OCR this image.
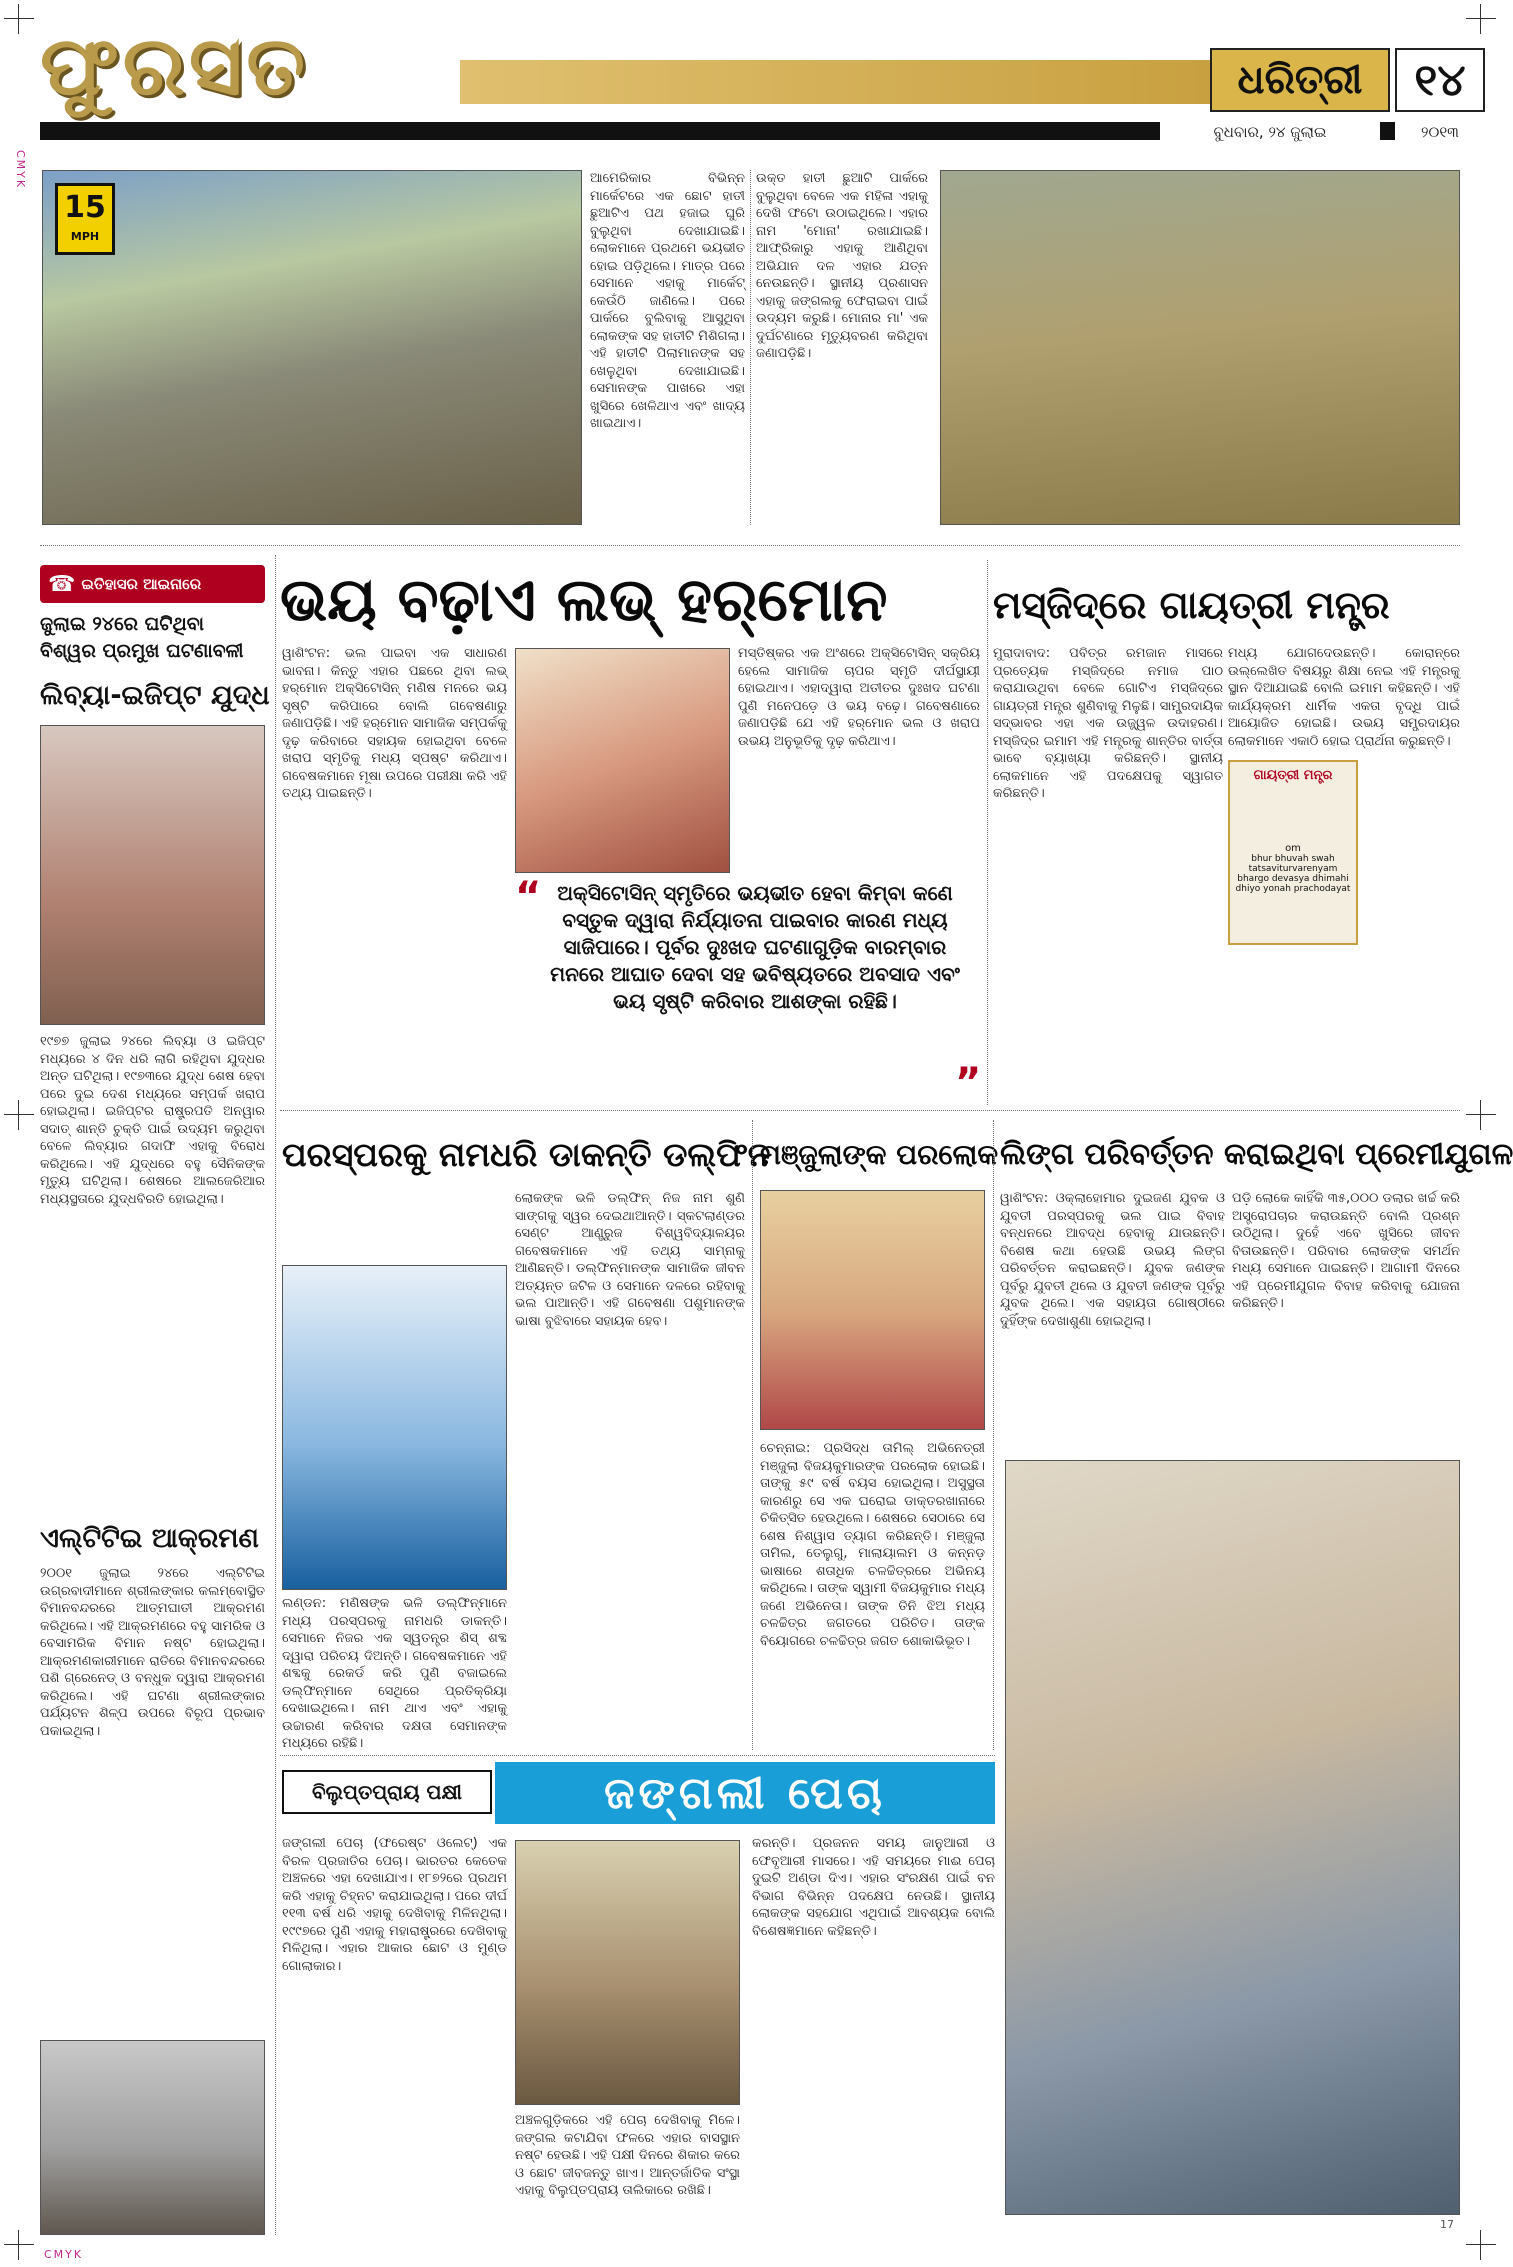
CMYK
ଫୁରସତ	ଧରିତ୍ରୀ ୧୪
ବୁଧବାର, ୨୪ ଜୁଲାଇ	୨୦୧୩
15
MPH
ଆମେରିକାର ବିଭିନ୍ନ ମାର୍କେଟରେ ଏକ ଛୋଟ ହାତୀ ଛୁଆଟିଏ ପଥ ହଜାଇ ଘୁରି ବୁଲୁଥିବା ଦେଖାଯାଇଛି। ଲୋକମାନେ ପ୍ରଥମେ ଭୟଭୀତ ହୋଇ ପଡ଼ିଥିଲେ। ମାତ୍ର ପରେ ସେମାନେ ଏହାକୁ ମାର୍କେଟ୍‌ କେଉଁଠି ଜାଣିଲେ। ପରେ ପାର୍କରେ ବୁଲିବାକୁ ଆସୁଥିବା ଲୋକଙ୍କ ସହ ହାତୀଟି ମିଶିଗଲା। ଏହି ହାତୀଟି ପିଲାମାନଙ୍କ ସହ ଖେଳୁଥିବା ଦେଖାଯାଇଛି। ସେମାନଙ୍କ ପାଖରେ ଏହା ଖୁସିରେ ଖେଳିଥାଏ ଏବଂ ଖାଦ୍ୟ ଖାଇଥାଏ।
ଉକ୍ତ ହାତୀ ଛୁଆଟି ପାର୍କରେ ବୁଲୁଥିବା ବେଳେ ଏକ ମହିଳା ଏହାକୁ ଦେଖି ଫଟୋ ଉଠାଇଥିଲେ। ଏହାର ନାମ 'ମୋନା' ରଖାଯାଇଛି। ଆଫ୍ରିକାରୁ ଏହାକୁ ଆଣିଥିବା ଅଭିଯାନ ଦଳ ଏହାର ଯତ୍ନ ନେଉଛନ୍ତି। ସ୍ଥାନୀୟ ପ୍ରଶାସନ ଏହାକୁ ଜଙ୍ଗଲକୁ ଫେରାଇବା ପାଇଁ ଉଦ୍ୟମ କରୁଛି। ମୋନାର ମା' ଏକ ଦୁର୍ଘଟଣାରେ ମୃତ୍ୟୁବରଣ କରିଥିବା ଜଣାପଡ଼ିଛି।
☎ ଇତିହାସର ଆଇନାରେ
ଜୁଲାଇ ୨୪ରେ ଘଟିଥିବା
ବିଶ୍ୱର ପ୍ରମୁଖ ଘଟଣାବଳୀ
ଲିବ୍ୟା-ଇଜିପ୍ଟ ଯୁଦ୍ଧ
୧୯୭୭ ଜୁଲାଇ ୨୪ରେ ଲିବ୍ୟା ଓ ଇଜିପ୍ଟ ମଧ୍ୟରେ ୪ ଦିନ ଧରି ଲାଗି ରହିଥିବା ଯୁଦ୍ଧର ଅନ୍ତ ଘଟିଥିଲା। ୧୯୭୩ରେ ଯୁଦ୍ଧ ଶେଷ ହେବା ପରେ ଦୁଇ ଦେଶ ମଧ୍ୟରେ ସମ୍ପର୍କ ଖରାପ ହୋଇଥିଲା। ଇଜିପ୍ଟର ରାଷ୍ଟ୍ରପତି ଅନୱାର ସଦାତ୍‌ ଶାନ୍ତି ଚୁକ୍ତି ପାଇଁ ଉଦ୍ୟମ କରୁଥିବା ବେଳେ ଲିବ୍ୟାର ଗଦାଫି ଏହାକୁ ବିରୋଧ କରିଥିଲେ। ଏହି ଯୁଦ୍ଧରେ ବହୁ ସୈନିକଙ୍କ ମୃତ୍ୟୁ ଘଟିଥିଲା। ଶେଷରେ ଆଲଜେରିଆର ମଧ୍ୟସ୍ଥତାରେ ଯୁଦ୍ଧବିରତି ହୋଇଥିଲା।
ଏଲ୍‌ଟିଟିଇ ଆକ୍ରମଣ
୨୦୦୧ ଜୁଲାଇ ୨୪ରେ ଏଲ୍‌ଟିଟିଇ ଉଗ୍ରବାଦୀମାନେ ଶ୍ରୀଲଙ୍କାର କଲମ୍ବୋସ୍ଥିତ ବିମାନବନ୍ଦରରେ ଆତ୍ମଘାତୀ ଆକ୍ରମଣ କରିଥିଲେ। ଏହି ଆକ୍ରମଣରେ ବହୁ ସାମରିକ ଓ ବେସାମରିକ ବିମାନ ନଷ୍ଟ ହୋଇଥିଲା। ଆକ୍ରମଣକାରୀମାନେ ରାତିରେ ବିମାନବନ୍ଦରରେ ପଶି ଗ୍ରେନେଡ୍‌ ଓ ବନ୍ଧୁକ ଦ୍ୱାରା ଆକ୍ରମଣ କରିଥିଲେ। ଏହି ଘଟଣା ଶ୍ରୀଲଙ୍କାର ପର୍ଯ୍ୟଟନ ଶିଳ୍ପ ଉପରେ ବିରୂପ ପ୍ରଭାବ ପକାଇଥିଲା।
ଭୟ ବଢ଼ାଏ ଲଭ୍‌ ହର୍‌ମୋନ
ୱାଶିଂଟନ: ଭଲ ପାଇବା ଏକ ସାଧାରଣ ଭାବନା। କିନ୍ତୁ ଏହାର ପଛରେ ଥିବା ଲଭ୍‌ ହର୍‌ମୋନ ଅକ୍ସିଟୋସିନ୍‌ ମଣିଷ ମନରେ ଭୟ ସୃଷ୍ଟି କରିପାରେ ବୋଲି ଗବେଷଣାରୁ ଜଣାପଡ଼ିଛି। ଏହି ହର୍‌ମୋନ ସାମାଜିକ ସମ୍ପର୍କକୁ ଦୃଢ଼ କରିବାରେ ସହାୟକ ହୋଇଥିବା ବେଳେ ଖରାପ ସ୍ମୃତିକୁ ମଧ୍ୟ ସ୍ପଷ୍ଟ କରିଥାଏ। ଗବେଷକମାନେ ମୂଷା ଉପରେ ପରୀକ୍ଷା କରି ଏହି ତଥ୍ୟ ପାଇଛନ୍ତି।
ମସ୍ତିଷ୍କର ଏକ ଅଂଶରେ ଅକ୍ସିଟୋସିନ୍‌ ସକ୍ରିୟ ହେଲେ ସାମାଜିକ ଚାପର ସ୍ମୃତି ଦୀର୍ଘସ୍ଥାୟୀ ହୋଇଥାଏ। ଏହାଦ୍ୱାରା ଅତୀତର ଦୁଃଖଦ ଘଟଣା ପୁଣି ମନେପଡ଼େ ଓ ଭୟ ବଢ଼େ। ଗବେଷଣାରେ ଜଣାପଡ଼ିଛି ଯେ ଏହି ହର୍‌ମୋନ ଭଲ ଓ ଖରାପ ଉଭୟ ଅନୁଭୂତିକୁ ଦୃଢ଼ କରିଥାଏ।
“ ଅକ୍ସିଟୋସିନ୍‌ ସ୍ମୃତିରେ ଭୟଭୀତ ହେବା କିମ୍ବା କଣେ ବସ୍ତୁକ ଦ୍ୱାରା ନିର୍ଯ୍ୟାତନା ପାଇବାର କାରଣ ମଧ୍ୟ ସାଜିପାରେ। ପୂର୍ବର ଦୁଃଖଦ ଘଟଣାଗୁଡ଼ିକ ବାରମ୍ବାର ମନରେ ଆଘାତ ଦେବା ସହ ଭବିଷ୍ୟତରେ ଅବସାଦ ଏବଂ ଭୟ ସୃଷ୍ଟି କରିବାର ଆଶଙ୍କା ରହିଛି।
”
ମସ୍‌ଜିଦ୍‌ରେ ଗାୟତ୍ରୀ ମନ୍ତ୍ର
ମୁରାଦାବାଦ: ପବିତ୍ର ରମଜାନ ମାସରେ ପ୍ରତ୍ୟେକ ମସ୍‌ଜିଦ୍‌ରେ ନମାଜ ପାଠ କରାଯାଉଥିବା ବେଳେ ଗୋଟିଏ ମସ୍‌ଜିଦ୍‌ରେ ଗାୟତ୍ରୀ ମନ୍ତ୍ର ଶୁଣିବାକୁ ମିଳୁଛି। ସାମ୍ପ୍ରଦାୟିକ ସଦ୍‌ଭାବର ଏହା ଏକ ଉଜ୍ଜ୍ୱଳ ଉଦାହରଣ। ମସ୍‌ଜିଦ୍‌ର ଇମାମ ଏହି ମନ୍ତ୍ରକୁ ଶାନ୍ତିର ବାର୍ତ୍ତା ଭାବେ ବ୍ୟାଖ୍ୟା କରିଛନ୍ତି। ସ୍ଥାନୀୟ ଲୋକମାନେ ଏହି ପଦକ୍ଷେପକୁ ସ୍ୱାଗତ କରିଛନ୍ତି।
ଗାୟତ୍ରୀ ମନ୍ତ୍ର
om
bhur bhuvah swah
tatsaviturvarenyam
bhargo devasya dhimahi
dhiyo yonah prachodayat
ମଧ୍ୟ ଯୋଗଦେଉଛନ୍ତି। କୋରାନ୍‌ରେ ଉଲ୍ଲେଖିତ ବିଷୟରୁ ଶିକ୍ଷା ନେଇ ଏହି ମନ୍ତ୍ରକୁ ସ୍ଥାନ ଦିଆଯାଇଛି ବୋଲି ଇମାମ କହିଛନ୍ତି। ଏହି କାର୍ଯ୍ୟକ୍ରମ ଧାର୍ମିକ ଏକତା ବୃଦ୍ଧି ପାଇଁ ଆୟୋଜିତ ହୋଇଛି। ଉଭୟ ସମ୍ପ୍ରଦାୟର ଲୋକମାନେ ଏକାଠି ହୋଇ ପ୍ରାର୍ଥନା କରୁଛନ୍ତି।
ପରସ୍ପରକୁ ନାମଧରି ଡାକନ୍ତି ଡଲ୍‌ଫିନ
ଲଣ୍ଡନ: ମଣିଷଙ୍କ ଭଳି ଡଲ୍‌ଫିନ୍‌ମାନେ ମଧ୍ୟ ପରସ୍ପରକୁ ନାମଧରି ଡାକନ୍ତି। ସେମାନେ ନିଜର ଏକ ସ୍ୱତନ୍ତ୍ର ଶିସ୍‌ ଶବ୍ଦ ଦ୍ୱାରା ପରିଚୟ ଦିଅନ୍ତି। ଗବେଷକମାନେ ଏହି ଶବ୍ଦକୁ ରେକର୍ଡ କରି ପୁଣି ବଜାଇଲେ ଡଲ୍‌ଫିନ୍‌ମାନେ ସେଥିରେ ପ୍ରତିକ୍ରିୟା ଦେଖାଇଥିଲେ। ନାମ ଥାଏ ଏବଂ ଏହାକୁ ଉଚ୍ଚାରଣ କରିବାର ଦକ୍ଷତା ସେମାନଙ୍କ ମଧ୍ୟରେ ରହିଛି।
ଲୋକଙ୍କ ଭଳି ଡଲ୍‌ଫିନ୍‌ ନିଜ ନାମ ଶୁଣି ସାଙ୍ଗକୁ ସ୍ୱର ଦେଇଥାଆନ୍ତି। ସ୍କଟଲାଣ୍ଡର ସେଣ୍ଟ ଆଣ୍ଡ୍ରୁଜ ବିଶ୍ୱବିଦ୍ୟାଳୟର ଗବେଷକମାନେ ଏହି ତଥ୍ୟ ସାମ୍ନାକୁ ଆଣିଛନ୍ତି। ଡଲ୍‌ଫିନ୍‌ମାନଙ୍କ ସାମାଜିକ ଜୀବନ ଅତ୍ୟନ୍ତ ଜଟିଳ ଓ ସେମାନେ ଦଳରେ ରହିବାକୁ ଭଲ ପାଆନ୍ତି। ଏହି ଗବେଷଣା ପଶୁମାନଙ୍କ ଭାଷା ବୁଝିବାରେ ସହାୟକ ହେବ।
ମଞ୍ଜୁଲାଙ୍କ ପରଲୋକ
ଚେନ୍ନାଇ: ପ୍ରସିଦ୍ଧ ତାମିଲ୍‌ ଅଭିନେତ୍ରୀ ମଞ୍ଜୁଲା ବିଜୟକୁମାରଙ୍କ ପରଲୋକ ହୋଇଛି। ତାଙ୍କୁ ୫୯ ବର୍ଷ ବୟସ ହୋଇଥିଲା। ଅସୁସ୍ଥତା କାରଣରୁ ସେ ଏକ ଘରୋଇ ଡାକ୍ତରଖାନାରେ ଚିକିତ୍ସିତ ହେଉଥିଲେ। ଶେଷରେ ସେଠାରେ ସେ ଶେଷ ନିଶ୍ୱାସ ତ୍ୟାଗ କରିଛନ୍ତି। ମଞ୍ଜୁଲା ତାମିଲ, ତେଲୁଗୁ, ମାଲାୟାଲମ ଓ କନ୍ନଡ଼ ଭାଷାରେ ଶତାଧିକ ଚଳଚ୍ଚିତ୍ରରେ ଅଭିନୟ କରିଥିଲେ। ତାଙ୍କ ସ୍ୱାମୀ ବିଜୟକୁମାର ମଧ୍ୟ ଜଣେ ଅଭିନେତା। ତାଙ୍କ ତିନି ଝିଅ ମଧ୍ୟ ଚଳଚ୍ଚିତ୍ର ଜଗତରେ ପରିଚିତ। ତାଙ୍କ ବିୟୋଗରେ ଚଳଚ୍ଚିତ୍ର ଜଗତ ଶୋକାଭିଭୂତ।
ଲିଙ୍ଗ ପରିବର୍ତ୍ତନ କରାଇଥିବା ପ୍ରେମୀଯୁଗଳ
ୱାଶିଂଟନ: ଓକ୍‌ଲାହୋମାର ଦୁଇଜଣ ଯୁବକ ଓ ଯୁବତୀ ପରସ୍ପରକୁ ଭଲ ପାଇ ବିବାହ ବନ୍ଧନରେ ଆବଦ୍ଧ ହେବାକୁ ଯାଉଛନ୍ତି। ବିଶେଷ କଥା ହେଉଛି ଉଭୟ ଲିଙ୍ଗ ପରିବର୍ତ୍ତନ କରାଇଛନ୍ତି। ଯୁବକ ଜଣଙ୍କ ପୂର୍ବରୁ ଯୁବତୀ ଥିଲେ ଓ ଯୁବତୀ ଜଣଙ୍କ ପୂର୍ବରୁ ଯୁବକ ଥିଲେ। ଏକ ସହାୟତା ଗୋଷ୍ଠୀରେ ଦୁହିଁଙ୍କ ଦେଖାଶୁଣା ହୋଇଥିଲା।
ପଡ଼ି ଲୋକେ କାହିଁକି ୩୫,୦୦୦ ଡଲାର ଖର୍ଚ୍ଚ କରି ଅସ୍ତ୍ରୋପଚାର କରାଉଛନ୍ତି ବୋଲି ପ୍ରଶ୍ନ ଉଠିଥିଲା। ଦୁହେଁ ଏବେ ଖୁସିରେ ଜୀବନ ବିତାଉଛନ୍ତି। ପରିବାର ଲୋକଙ୍କ ସମର୍ଥନ ମଧ୍ୟ ସେମାନେ ପାଇଛନ୍ତି। ଆଗାମୀ ଦିନରେ ଏହି ପ୍ରେମୀଯୁଗଳ ବିବାହ କରିବାକୁ ଯୋଜନା କରିଛନ୍ତି।
ବିଲୁପ୍ତପ୍ରାୟ ପକ୍ଷୀ	ଜଙ୍ଗଲୀ ପେଚା
ଜଙ୍ଗଲୀ ପେଚା (ଫରେଷ୍ଟ ଓଲେଟ୍‌) ଏକ ବିରଳ ପ୍ରଜାତିର ପେଚା। ଭାରତର କେତେକ ଅଞ୍ଚଳରେ ଏହା ଦେଖାଯାଏ। ୧୮୭୨ରେ ପ୍ରଥମ କରି ଏହାକୁ ଚିହ୍ନଟ କରାଯାଇଥିଲା। ପରେ ଦୀର୍ଘ ୧୧୩ ବର୍ଷ ଧରି ଏହାକୁ ଦେଖିବାକୁ ମିଳିନଥିଲା। ୧୯୯୭ରେ ପୁଣି ଏହାକୁ ମହାରାଷ୍ଟ୍ରରେ ଦେଖିବାକୁ ମିଳିଥିଲା। ଏହାର ଆକାର ଛୋଟ ଓ ମୁଣ୍ଡ ଗୋଲାକାର।
ଅଞ୍ଚଳଗୁଡ଼ିକରେ ଏହି ପେଚା ଦେଖିବାକୁ ମିଳେ। ଜଙ୍ଗଲ କଟାଯିବା ଫଳରେ ଏହାର ବାସସ୍ଥାନ ନଷ୍ଟ ହେଉଛି। ଏହି ପକ୍ଷୀ ଦିନରେ ଶିକାର କରେ ଓ ଛୋଟ ଜୀବଜନ୍ତୁ ଖାଏ। ଆନ୍ତର୍ଜାତିକ ସଂସ୍ଥା ଏହାକୁ ବିଲୁପ୍ତପ୍ରାୟ ତାଲିକାରେ ରଖିଛି।
କରନ୍ତି। ପ୍ରଜନନ ସମୟ ଜାନୁଆରୀ ଓ ଫେବୃଆରୀ ମାସରେ। ଏହି ସମୟରେ ମାଈ ପେଚା ଦୁଇଟି ଅଣ୍ଡା ଦିଏ। ଏହାର ସଂରକ୍ଷଣ ପାଇଁ ବନ ବିଭାଗ ବିଭିନ୍ନ ପଦକ୍ଷେପ ନେଉଛି। ସ୍ଥାନୀୟ ଲୋକଙ୍କ ସହଯୋଗ ଏଥିପାଇଁ ଆବଶ୍ୟକ ବୋଲି ବିଶେଷଜ୍ଞମାନେ କହିଛନ୍ତି।
17
CMYK
